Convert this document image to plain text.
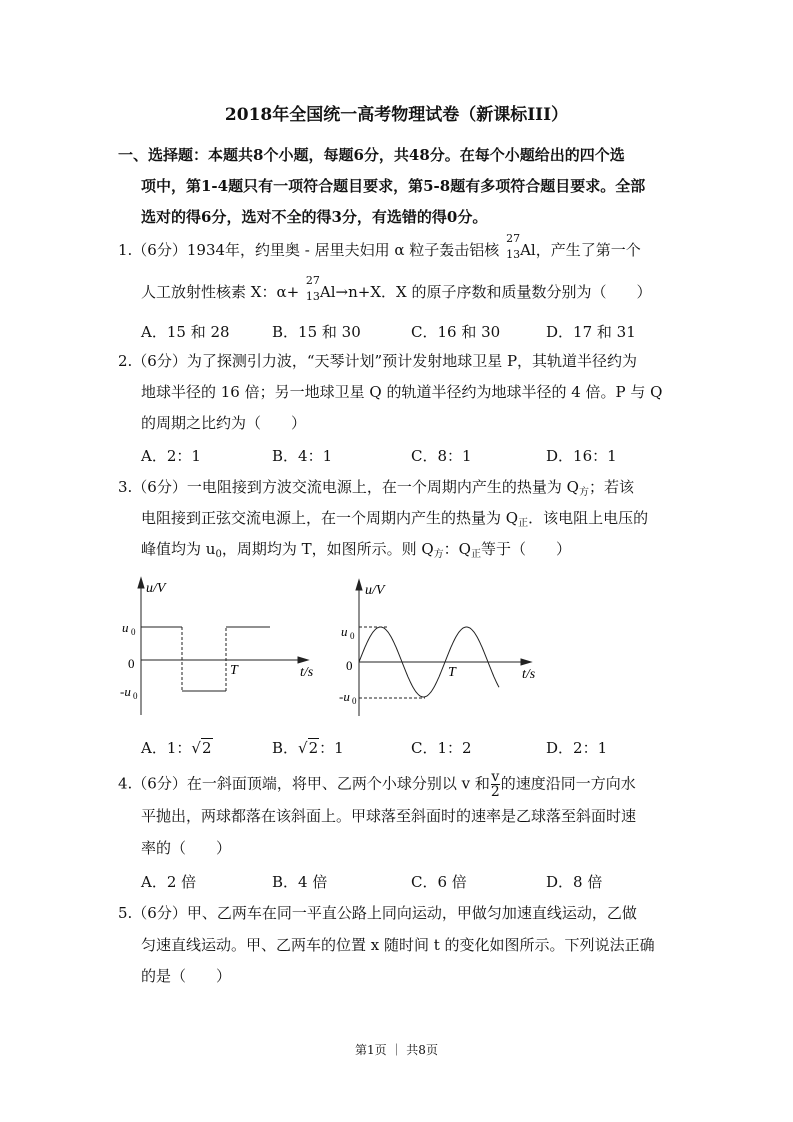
2018年全国统一高考物理试卷（新课标III）
一、选择题：本题共8个小题，每题6分，共48分。在每个小题给出的四个选
项中，第1-4题只有一项符合题目要求，第5-8题有多项符合题目要求。全部
选对的得6分，选对不全的得3分，有选错的得0分。
1.（6分）1934年，约里奥 - 居里夫妇用 α 粒子轰击铝核
27
13 Al，产生了第一个
人工放射性核素 X：α+
27
13 Al→n+X．X 的原子序数和质量数分别为（　　）
A．15 和 28	B．15 和 30	C．16 和 30	D．17 和 31
2.（6分）为了探测引力波，“天琴计划”预计发射地球卫星 P，其轨道半径约为
地球半径的 16 倍；另一地球卫星 Q 的轨道半径约为地球半径的 4 倍。P 与 Q
的周期之比约为（　　）
A．2：1	B．4：1	C．8：1	D．16：1
3.（6分）一电阻接到方波交流电源上，在一个周期内产生的热量为 $Q_方$；若该
电阻接到正弦交流电源上，在一个周期内产生的热量为 $Q_正$．该电阻上电压的
峰值均为 $u_0$，周期均为 T，如图所示。则 $Q_方$：$Q_正$等于（　　）
u/V
u 0
0
-u 0
T	t/s
u/V
u 0
0
-u 0
T	t/s
A．1：√2	B．√2：1	C．1：2	D．2：1
4.（6分）在一斜面顶端，将甲、乙两个小球分别以 v 和 $\frac{v}{2}$ 的速度沿同一方向水
平抛出，两球都落在该斜面上。甲球落至斜面时的速率是乙球落至斜面时速
率的（　　）
A．2 倍	B．4 倍	C．6 倍	D．8 倍
5.（6分）甲、乙两车在同一平直公路上同向运动，甲做匀加速直线运动，乙做
匀速直线运动。甲、乙两车的位置 x 随时间 t 的变化如图所示。下列说法正确
的是（　　）
第1页 ｜ 共8页
